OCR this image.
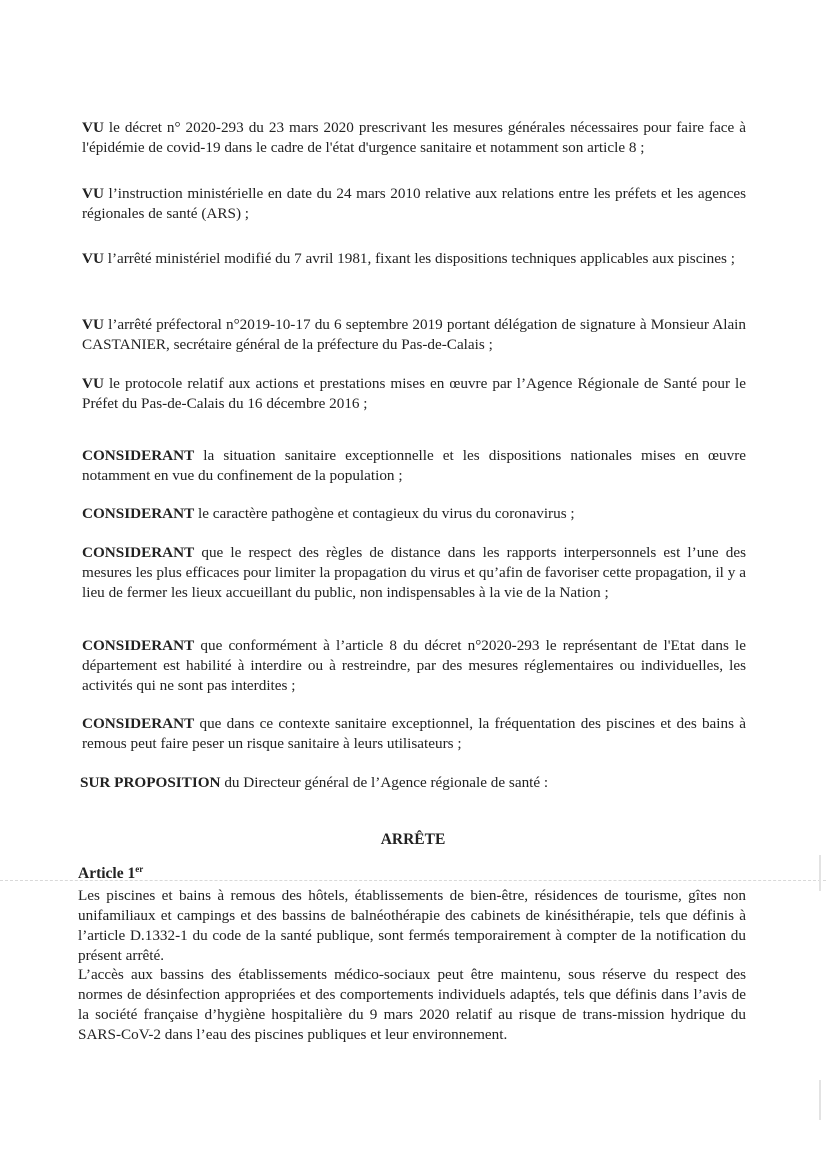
VU le décret n° 2020-293 du 23 mars 2020 prescrivant les mesures générales nécessaires pour faire face à l'épidémie de covid-19 dans le cadre de l'état d'urgence sanitaire et notamment son article 8 ;

VU l’instruction ministérielle en date du 24 mars 2010 relative aux relations entre les préfets et les agences régionales de santé (ARS) ;

VU l’arrêté ministériel modifié du 7 avril 1981, fixant les dispositions techniques applicables aux piscines ;

VU l’arrêté préfectoral n°2019-10-17 du 6 septembre 2019 portant délégation de signature à Monsieur Alain CASTANIER, secrétaire général de la préfecture du Pas-de-Calais ;

VU le protocole relatif aux actions et prestations mises en œuvre par l’Agence Régionale de Santé pour le Préfet du Pas-de-Calais du 16 décembre 2016 ;

CONSIDERANT la situation sanitaire exceptionnelle et les dispositions nationales mises en œuvre notamment en vue du confinement de la population ;

CONSIDERANT le caractère pathogène et contagieux du virus du coronavirus ;

CONSIDERANT que le respect des règles de distance dans les rapports interpersonnels est l’une des mesures les plus efficaces pour limiter la propagation du virus et qu’afin de favoriser cette propagation, il y a lieu de fermer les lieux accueillant du public, non indispensables à la vie de la Nation ;

CONSIDERANT que conformément à l’article 8 du décret n°2020-293 le représentant de l'Etat dans le département est habilité à interdire ou à restreindre, par des mesures réglementaires ou individuelles, les activités qui ne sont pas interdites ;

CONSIDERANT que dans ce contexte sanitaire exceptionnel, la fréquentation des piscines et des bains à remous peut faire peser un risque sanitaire à leurs utilisateurs ;

SUR PROPOSITION du Directeur général de l’Agence régionale de santé :

ARRÊTE
Article 1er

Les piscines et bains à remous des hôtels, établissements de bien-être, résidences de tourisme, gîtes non unifamiliaux et campings et des bassins de balnéothérapie des cabinets de kinésithérapie, tels que définis à l’article D.1332-1 du code de la santé publique, sont fermés temporairement à compter de la notification du présent arrêté.

L’accès aux bassins des établissements médico-sociaux peut être maintenu, sous réserve du respect des normes de désinfection appropriées et des comportements individuels adaptés, tels que définis dans l’avis de la société française d’hygiène hospitalière du 9 mars 2020 relatif au risque de trans-mission hydrique du SARS-CoV-2 dans l’eau des piscines publiques et leur environnement.
